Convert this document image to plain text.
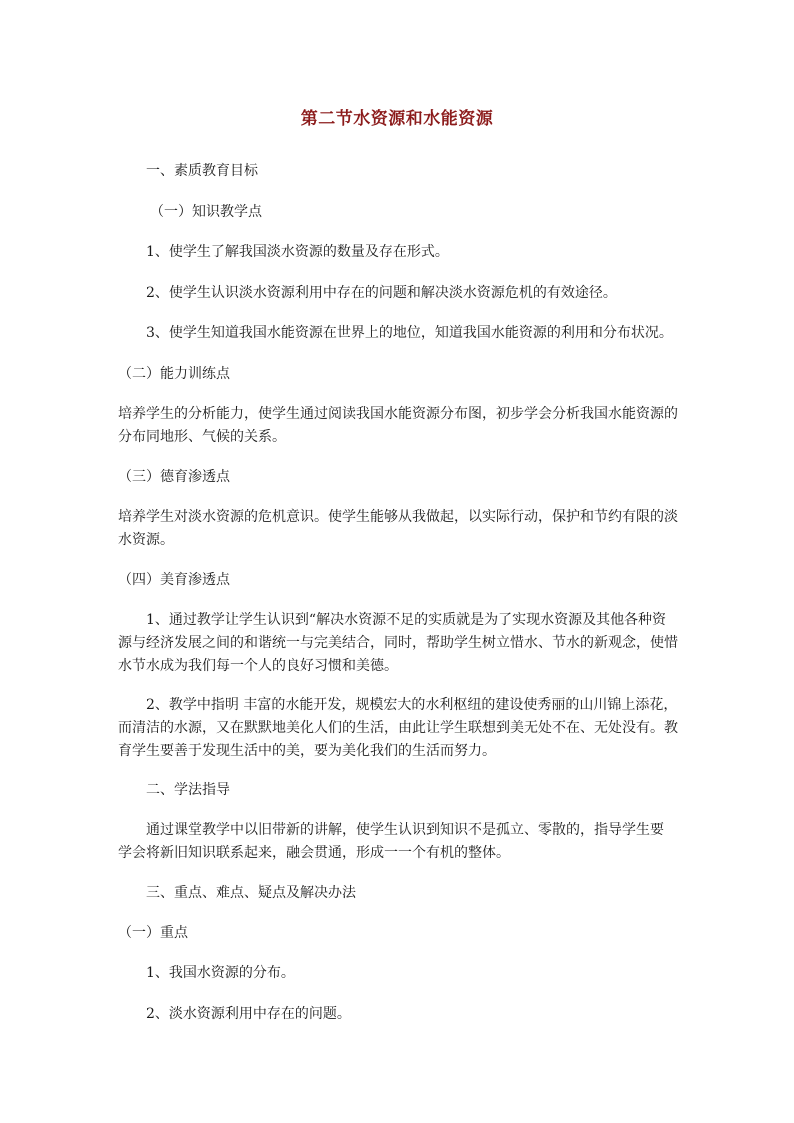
第二节水资源和水能资源
一、素质教育目标
（一）知识教学点
1、使学生了解我国淡水资源的数量及存在形式。
2、使学生认识淡水资源利用中存在的问题和解决淡水资源危机的有效途径。
3、使学生知道我国水能资源在世界上的地位，知道我国水能资源的利用和分布状况。
（二）能力训练点
培养学生的分析能力，使学生通过阅读我国水能资源分布图，初步学会分析我国水能资源的
分布同地形、气候的关系。
（三）德育渗透点
培养学生对淡水资源的危机意识。使学生能够从我做起，以实际行动，保护和节约有限的淡
水资源。
（四）美育渗透点
1、通过教学让学生认识到“解决水资源不足的实质就是为了实现水资源及其他各种资
源与经济发展之间的和谐统一与完美结合，同时，帮助学生树立惜水、节水的新观念，使惜
水节水成为我们每一个人的良好习惯和美德。
2、教学中指明 丰富的水能开发，规模宏大的水利枢纽的建设使秀丽的山川锦上添花，
而清洁的水源，又在默默地美化人们的生活，由此让学生联想到美无处不在、无处没有。教
育学生要善于发现生活中的美，要为美化我们的生活而努力。
二、学法指导
通过课堂教学中以旧带新的讲解，使学生认识到知识不是孤立、零散的，指导学生要
学会将新旧知识联系起来，融会贯通，形成一一个有机的整体。
三、重点、难点、疑点及解决办法
（一）重点
1、我国水资源的分布。
2、淡水资源利用中存在的问题。
